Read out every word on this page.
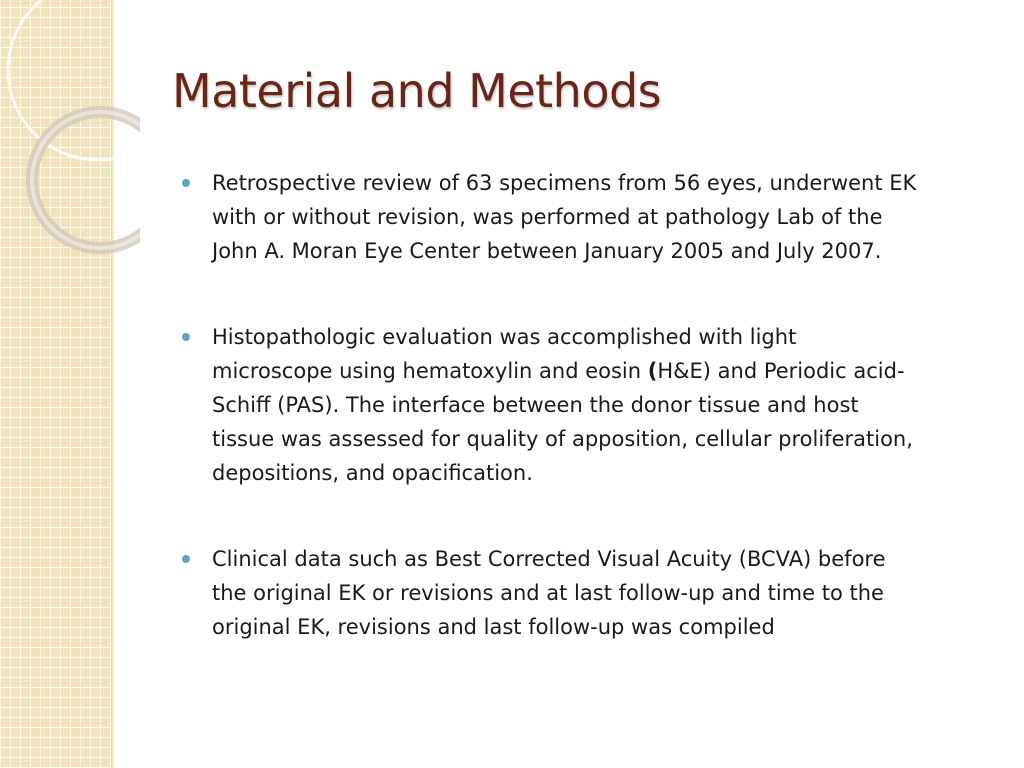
Material and Methods
Retrospective review of 63 specimens from 56 eyes, underwent EK with or without revision, was performed at pathology Lab of the John A. Moran Eye Center between January 2005 and July 2007.
Histopathologic evaluation was accomplished with light microscope using hematoxylin and eosin (H&E) and Periodic acid-Schiff (PAS). The interface between the donor tissue and host tissue was assessed for quality of apposition, cellular proliferation, depositions, and opacification.
Clinical data such as Best Corrected Visual Acuity (BCVA) before the original EK or revisions and at last follow-up and time to the original EK, revisions and last follow-up was compiled
